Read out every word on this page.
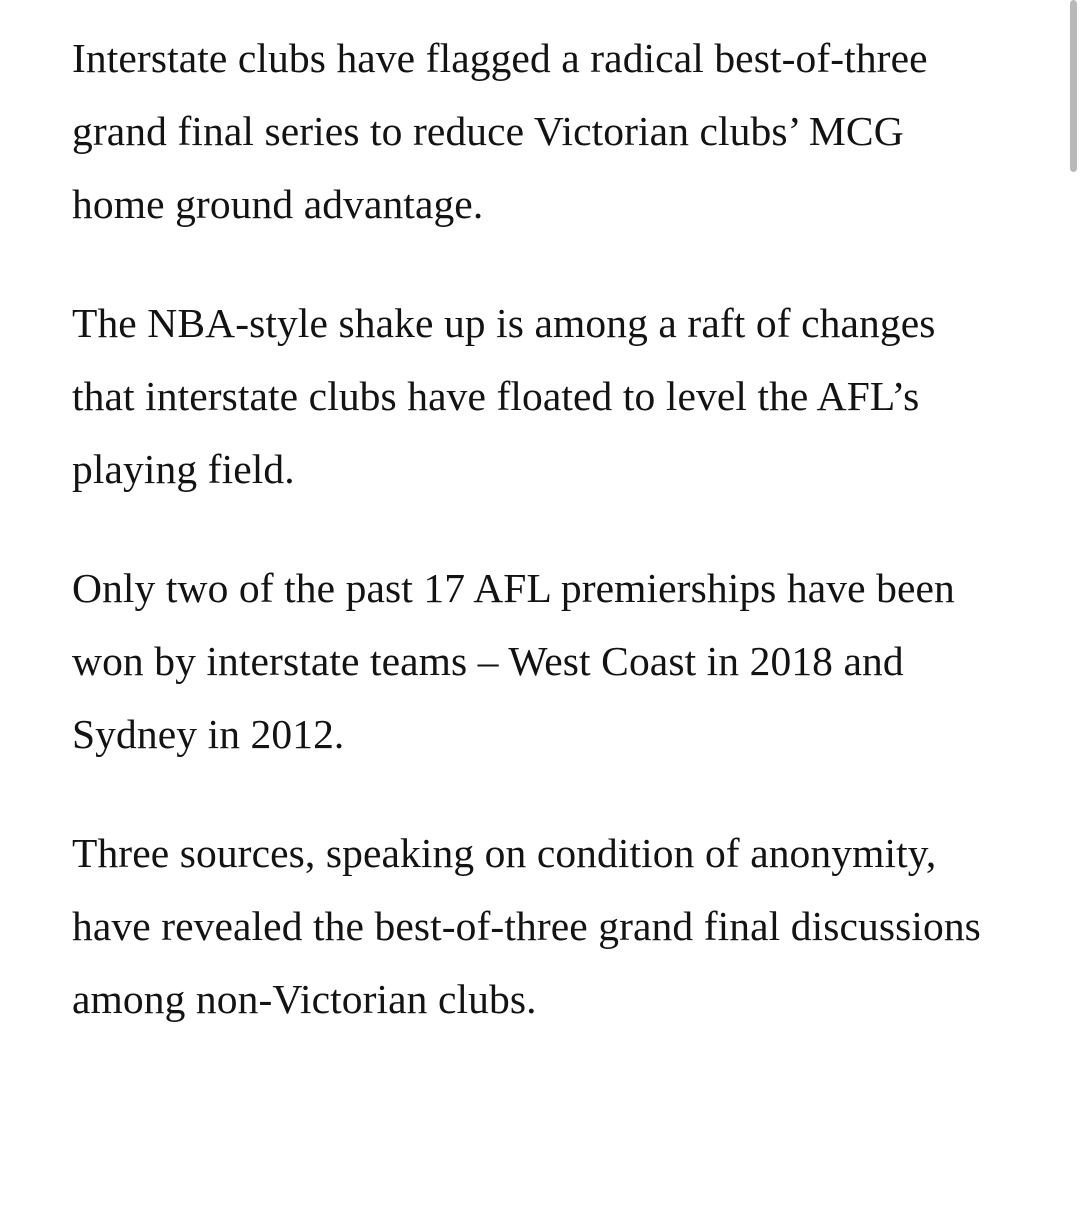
Interstate clubs have flagged a radical best-of-three grand final series to reduce Victorian clubs’ MCG home ground advantage.

The NBA-style shake up is among a raft of changes that interstate clubs have floated to level the AFL’s playing field.

Only two of the past 17 AFL premierships have been won by interstate teams – West Coast in 2018 and Sydney in 2012.

Three sources, speaking on condition of anonymity, have revealed the best-of-three grand final discussions among non-Victorian clubs.
